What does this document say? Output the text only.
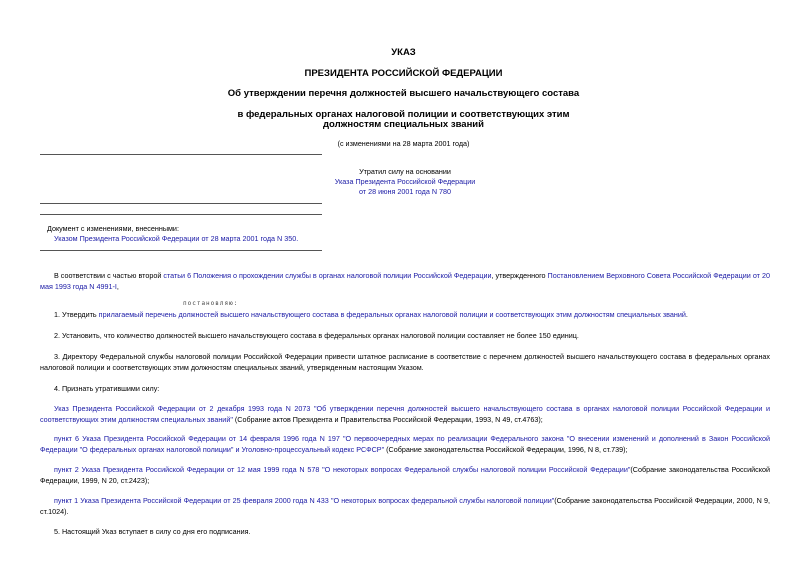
УКАЗ
ПРЕЗИДЕНТА РОССИЙСКОЙ ФЕДЕРАЦИИ
Об утверждении перечня должностей высшего начальствующего состава
в федеральных органах налоговой полиции и соответствующих этим
должностям специальных званий
(с изменениями на 28 марта 2001 года)
Утратил силу на основании
Указа Президента Российской Федерации
от 28 июня 2001 года N 780
Документ с изменениями, внесенными:
Указом Президента Российской Федерации от 28 марта 2001 года N 350.
В соответствии с частью второй статьи 6 Положения о прохождении службы в органах налоговой полиции Российской Федерации, утвержденного Постановлением Верховного Совета Российской Федерации от 20 мая 1993 года N 4991-I,
постановляю:
1. Утвердить прилагаемый перечень должностей высшего начальствующего состава в федеральных органах налоговой полиции и соответствующих этим должностям специальных званий.
2. Установить, что количество должностей высшего начальствующего состава в федеральных органах налоговой полиции составляет не более 150 единиц.
3. Директору Федеральной службы налоговой полиции Российской Федерации привести штатное расписание в соответствие с перечнем должностей высшего начальствующего состава в федеральных органах налоговой полиции и соответствующих этим должностям специальных званий, утвержденным настоящим Указом.
4. Признать утратившими силу:
Указ Президента Российской Федерации от 2 декабря 1993 года N 2073 "Об утверждении перечня должностей высшего начальствующего состава в органах налоговой полиции Российской Федерации и соответствующих этим должностям специальных званий" (Собрание актов Президента и Правительства Российской Федерации, 1993, N 49, ст.4763);
пункт 6 Указа Президента Российской Федерации от 14 февраля 1996 года N 197 "О первоочередных мерах по реализации Федерального закона "О внесении изменений и дополнений в Закон Российской Федерации "О федеральных органах налоговой полиции" и Уголовно-процессуальный кодекс РСФСР" (Собрание законодательства Российской Федерации, 1996, N 8, ст.739);
пункт 2 Указа Президента Российской Федерации от 12 мая 1999 года N 578 "О некоторых вопросах Федеральной службы налоговой полиции Российской Федерации"(Собрание законодательства Российской Федерации, 1999, N 20, ст.2423);
пункт 1 Указа Президента Российской Федерации от 25 февраля 2000 года N 433 "О некоторых вопросах федеральной службы налоговой полиции"(Собрание законодательства Российской Федерации, 2000, N 9, ст.1024).
5. Настоящий Указ вступает в силу со дня его подписания.
